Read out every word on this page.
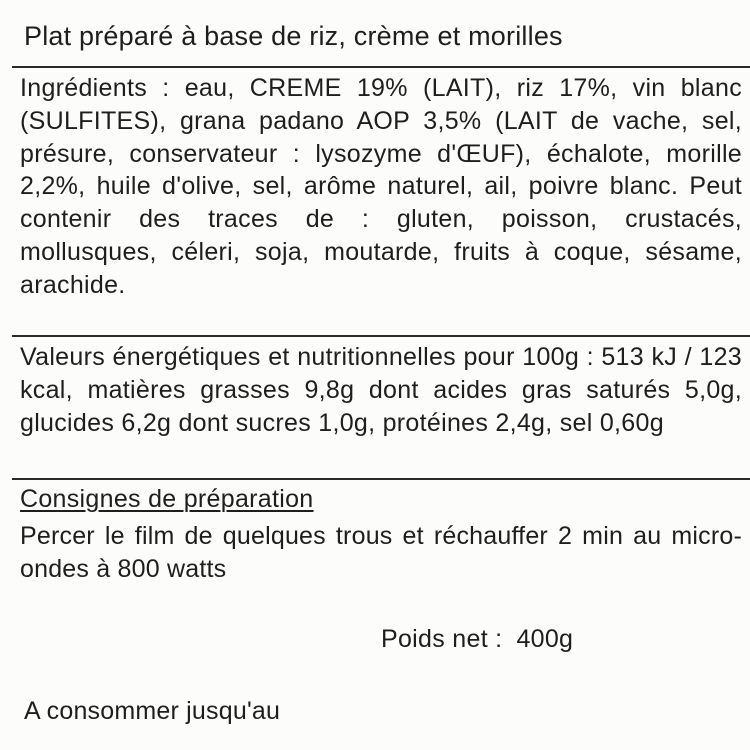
Plat préparé à base de riz, crème et morilles
Ingrédients : eau, CREME 19% (LAIT), riz 17%, vin blanc (SULFITES), grana padano AOP 3,5% (LAIT de vache, sel, présure, conservateur : lysozyme d'ŒUF), échalote, morille 2,2%, huile d'olive, sel, arôme naturel, ail, poivre blanc. Peut contenir des traces de : gluten, poisson, crustacés, mollusques, céleri, soja, moutarde, fruits à coque, sésame, arachide.
Valeurs énergétiques et nutritionnelles pour 100g : 513 kJ / 123 kcal, matières grasses 9,8g dont acides gras saturés 5,0g, glucides 6,2g dont sucres 1,0g, protéines 2,4g, sel 0,60g
Consignes de préparation
Percer le film de quelques trous et réchauffer 2 min au micro-ondes à 800 watts
Poids net : 400g
A consommer jusqu'au
